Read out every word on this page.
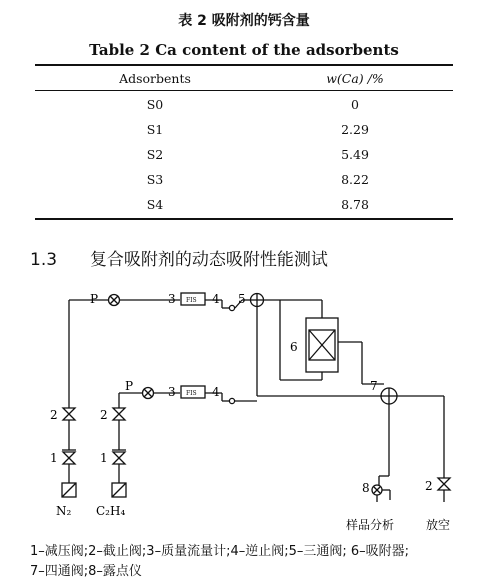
表 2 吸附剂的钙含量
Table 2 Ca content of the adsorbents
Adsorbents	w(Ca) /%
S0	0
S1	2.29
S2	5.49
S3	8.22
S4	8.78
1.3 复合吸附剂的动态吸附性能测试
FIS
FIS
P	3	4 5
6
P	3	4	7
2	2
1	1
8	2
N₂ C₂H₄
样品分析	放空
1–减压阀;2–截止阀;3–质量流量计;4–逆止阀;5–三通阀; 6–吸附器;
7–四通阀;8–露点仪
